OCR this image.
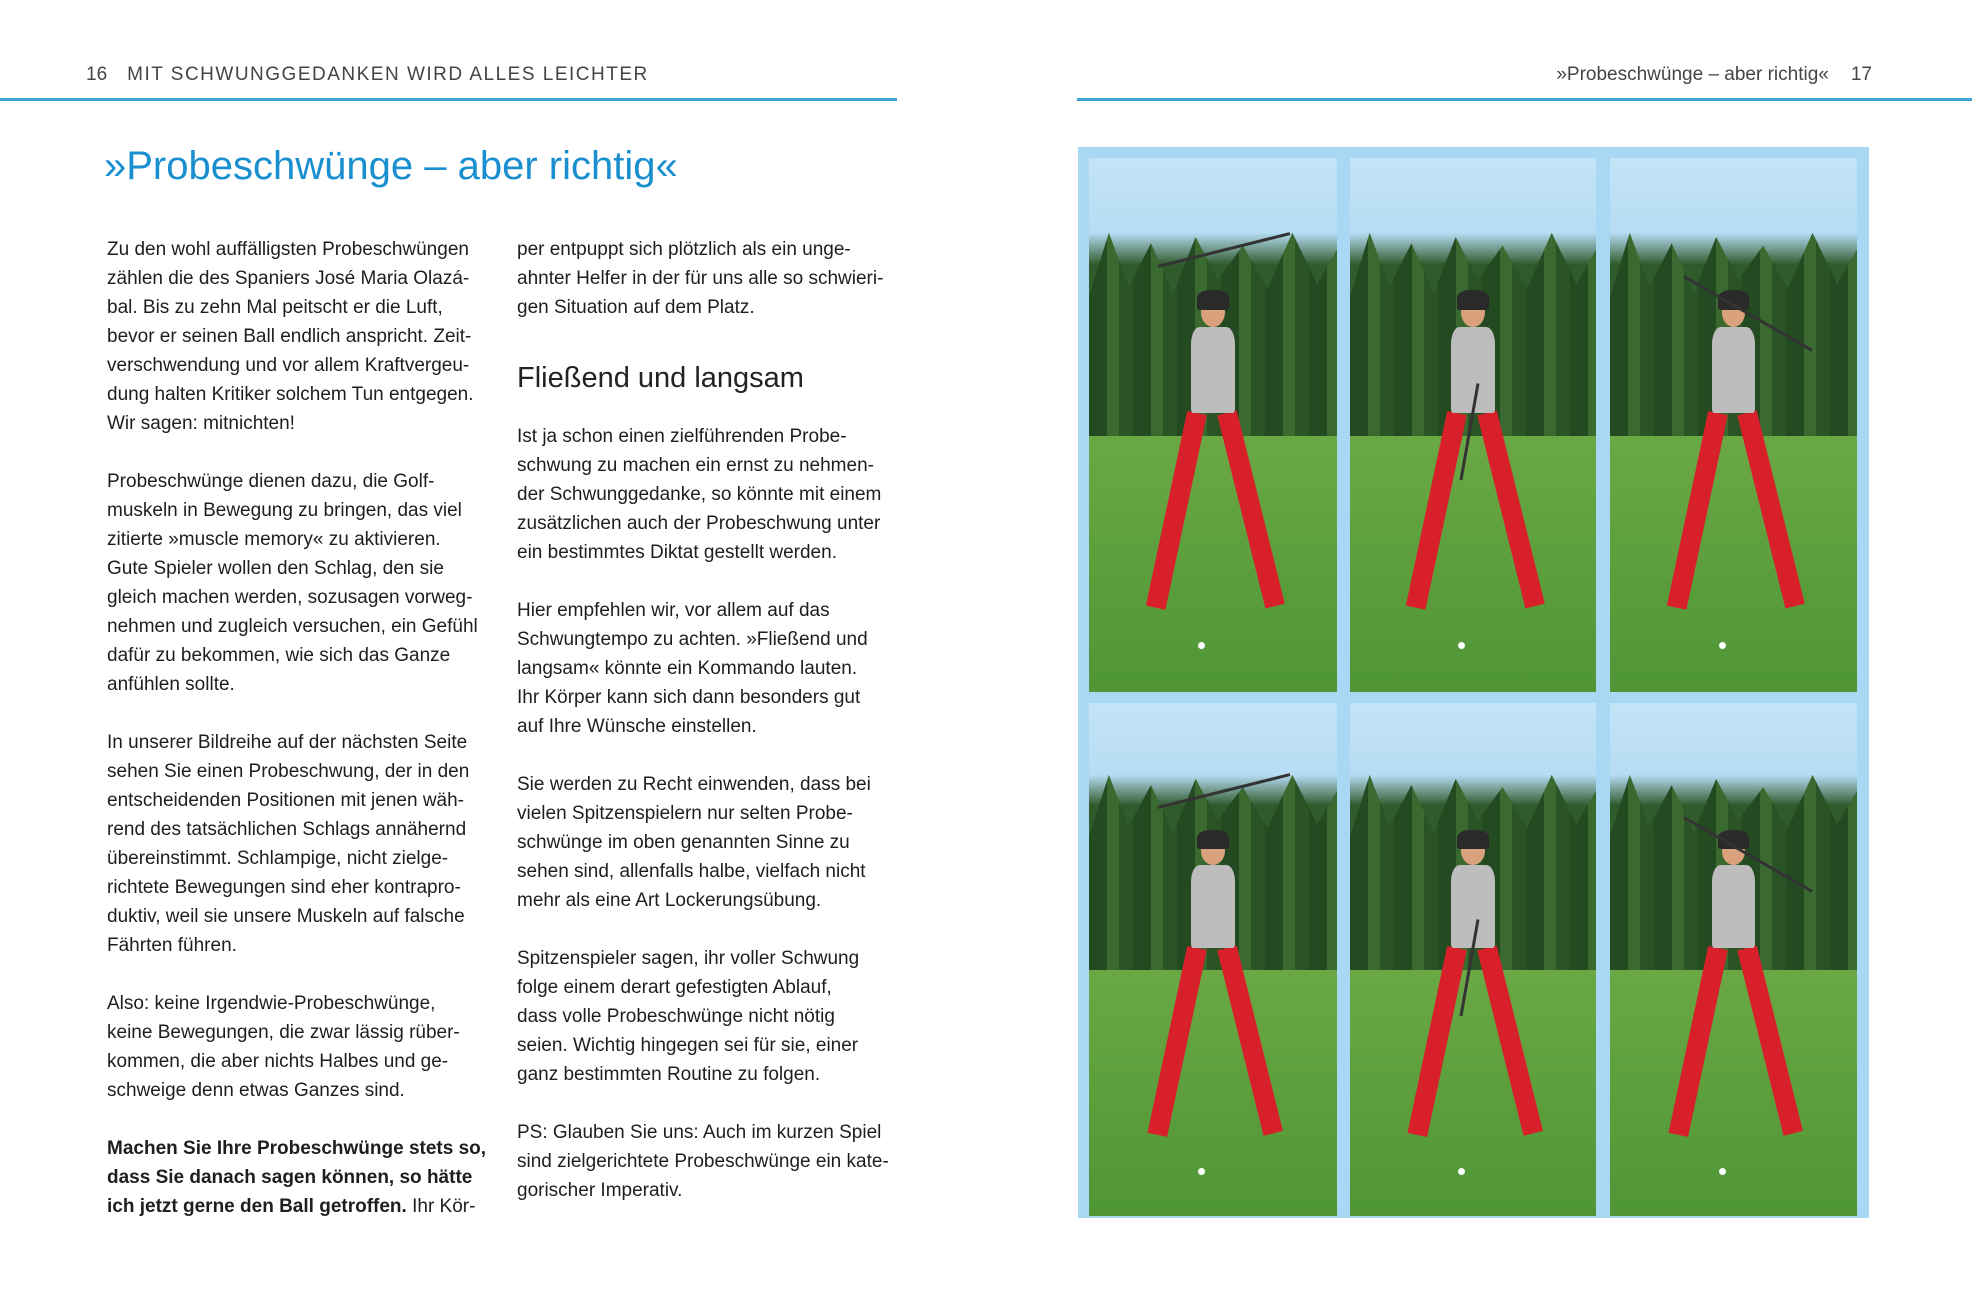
16 MIT SCHWUNGGEDANKEN WIRD ALLES LEICHTER	»Probeschwünge – aber richtig« 17
»Probeschwünge – aber richtig«
Zu den wohl auffälligsten Probeschwüngen
zählen die des Spaniers José Maria Olazá-
bal. Bis zu zehn Mal peitscht er die Luft,
bevor er seinen Ball endlich anspricht. Zeit-
verschwendung und vor allem Kraftvergeu-
dung halten Kritiker solchem Tun entgegen.
Wir sagen: mitnichten!
Probeschwünge dienen dazu, die Golf-
muskeln in Bewegung zu bringen, das viel
zitierte »muscle memory« zu aktivieren.
Gute Spieler wollen den Schlag, den sie
gleich machen werden, sozusagen vorweg-
nehmen und zugleich versuchen, ein Gefühl
dafür zu bekommen, wie sich das Ganze
anfühlen sollte.
In unserer Bildreihe auf der nächsten Seite
sehen Sie einen Probeschwung, der in den
entscheidenden Positionen mit jenen wäh-
rend des tatsächlichen Schlags annähernd
übereinstimmt. Schlampige, nicht zielge-
richtete Bewegungen sind eher kontrapro-
duktiv, weil sie unsere Muskeln auf falsche
Fährten führen.
Also: keine Irgendwie-Probeschwünge,
keine Bewegungen, die zwar lässig rüber-
kommen, die aber nichts Halbes und ge-
schweige denn etwas Ganzes sind.
Machen Sie Ihre Probeschwünge stets so,
dass Sie danach sagen können, so hätte
ich jetzt gerne den Ball getroffen. Ihr Kör-
per entpuppt sich plötzlich als ein unge-
ahnter Helfer in der für uns alle so schwieri-
gen Situation auf dem Platz.
Fließend und langsam
Ist ja schon einen zielführenden Probe-
schwung zu machen ein ernst zu nehmen-
der Schwunggedanke, so könnte mit einem
zusätzlichen auch der Probeschwung unter
ein bestimmtes Diktat gestellt werden.
Hier empfehlen wir, vor allem auf das
Schwungtempo zu achten. »Fließend und
langsam« könnte ein Kommando lauten.
Ihr Körper kann sich dann besonders gut
auf Ihre Wünsche einstellen.
Sie werden zu Recht einwenden, dass bei
vielen Spitzenspielern nur selten Probe-
schwünge im oben genannten Sinne zu
sehen sind, allenfalls halbe, vielfach nicht
mehr als eine Art Lockerungsübung.
Spitzenspieler sagen, ihr voller Schwung
folge einem derart gefestigten Ablauf,
dass volle Probeschwünge nicht nötig
seien. Wichtig hingegen sei für sie, einer
ganz bestimmten Routine zu folgen.
PS: Glauben Sie uns: Auch im kurzen Spiel
sind zielgerichtete Probeschwünge ein kate-
gorischer Imperativ.
